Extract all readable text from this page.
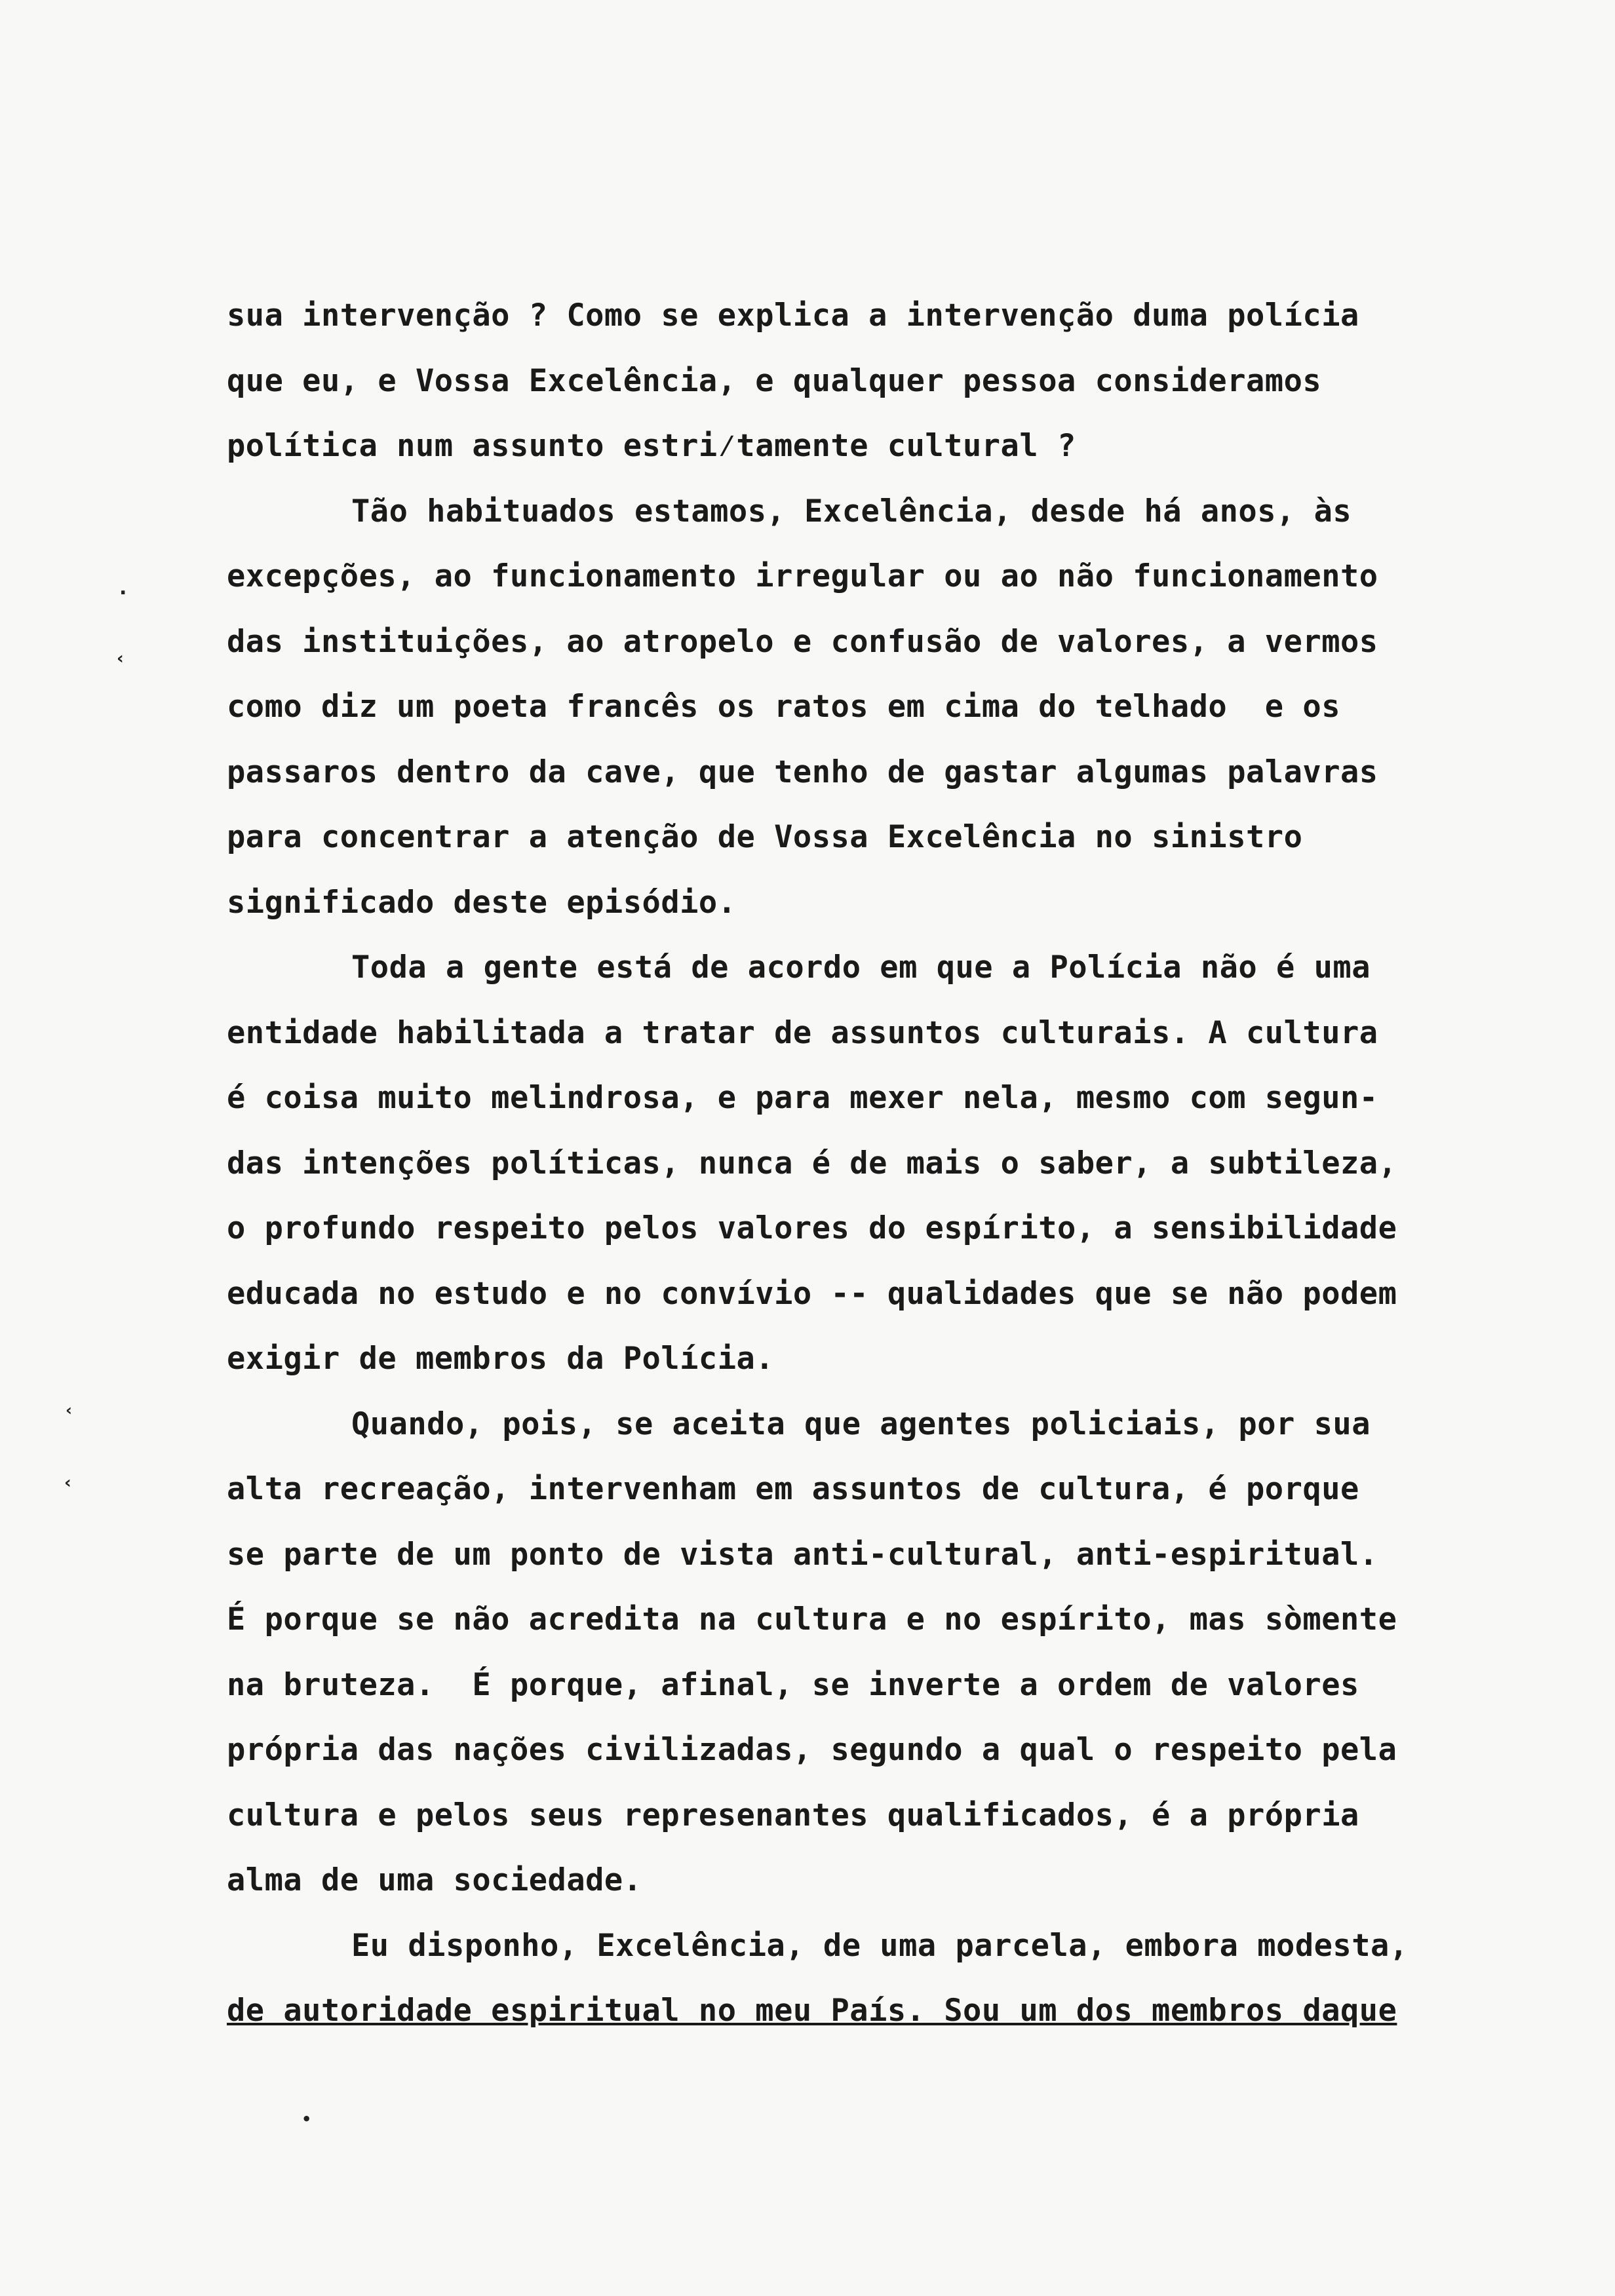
sua intervenção ? Como se explica a intervenção duma polícia
que eu, e Vossa Excelência, e qualquer pessoa consideramos
política num assunto estri⁄tamente cultural ?
Tão habituados estamos, Excelência, desde há anos, às
excepções, ao funcionamento irregular ou ao não funcionamento
das instituições, ao atropelo e confusão de valores, a vermos
como diz um poeta francês os ratos em cima do telhado  e os
passaros dentro da cave, que tenho de gastar algumas palavras
para concentrar a atenção de Vossa Excelência no sinistro
significado deste episódio.
Toda a gente está de acordo em que a Polícia não é uma
entidade habilitada a tratar de assuntos culturais. A cultura
é coisa muito melindrosa, e para mexer nela, mesmo com segun-
das intenções políticas, nunca é de mais o saber, a subtileza,
o profundo respeito pelos valores do espírito, a sensibilidade
educada no estudo e no convívio -- qualidades que se não podem
exigir de membros da Polícia.
Quando, pois, se aceita que agentes policiais, por sua
alta recreação, intervenham em assuntos de cultura, é porque
se parte de um ponto de vista anti-cultural, anti-espiritual.
É porque se não acredita na cultura e no espírito, mas sòmente
na bruteza.  É porque, afinal, se inverte a ordem de valores
própria das nações civilizadas, segundo a qual o respeito pela
cultura e pelos seus represenantes qualificados, é a própria
alma de uma sociedade.
Eu disponho, Excelência, de uma parcela, embora modesta,
de autoridade espiritual no meu País. Sou um dos membros daque
.
‹
‹
‹
•
